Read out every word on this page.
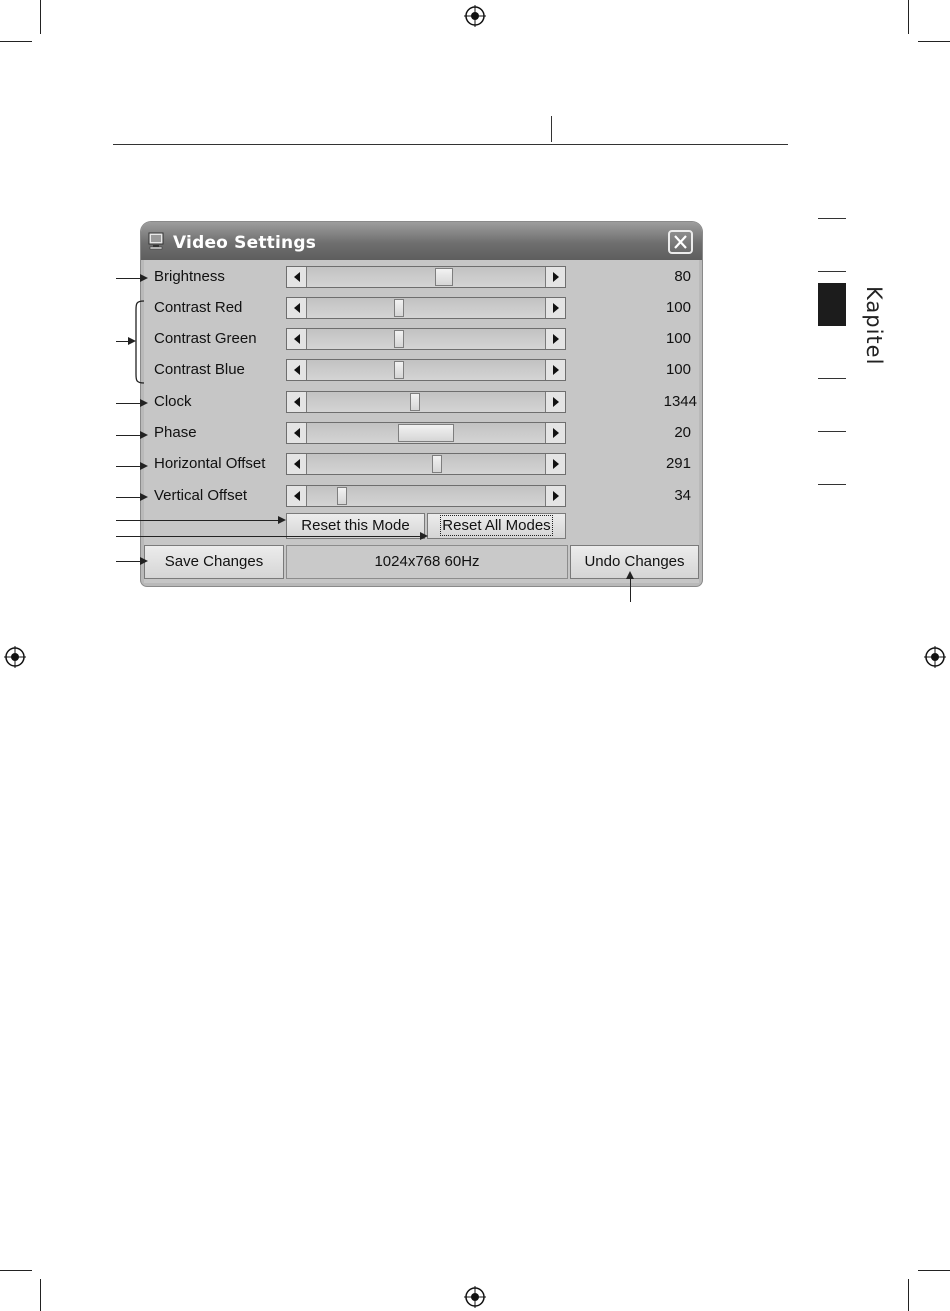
Kapitel
Video Settings
Reset this Mode	Reset All Modes
Save Changes	1024x768 60Hz	Undo Changes
Brightness	80
Contrast Red	100
Contrast Green	100
Contrast Blue	100
Clock	1344
Phase	20
Horizontal Offset	291
Vertical Offset	34
